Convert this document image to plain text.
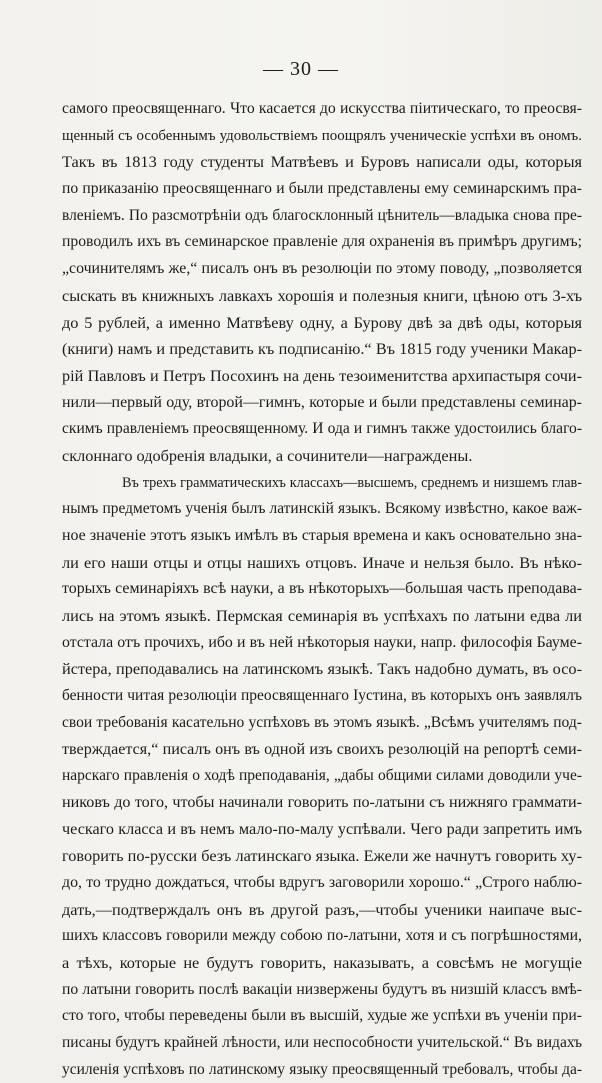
— 30 —
самого преосвященнаго. Что касается до искусства пiитическаго, то преосвя-
щенный съ особеннымъ удовольствiемъ поощрялъ ученическiе успѣхи въ ономъ.
Такъ въ 1813 году студенты Матвѣевъ и Буровъ написали оды, которыя
по приказанiю преосвященнаго и были представлены ему семинарскимъ пра-
вленiемъ. По разсмотрѣнiи одъ благосклонный цѣнитель—владыка снова пре-
проводилъ ихъ въ семинарское правленiе для охраненiя въ примѣръ другимъ;
„сочинителямъ же,“ писалъ онъ въ резолюцiи по этому поводу, „позволяется
сыскать въ книжныхъ лавкахъ хорошiя и полезныя книги, цѣною отъ 3-хъ
до 5 рублей, а именно Матвѣеву одну, а Бурову двѣ за двѣ оды, которыя
(книги) намъ и представить къ подписанiю.“ Въ 1815 году ученики Макар-
рiй Павловъ и Петръ Посохинъ на день тезоименитства архипастыря сочи-
нили—первый оду, второй—гимнъ, которые и были представлены семинар-
скимъ правленiемъ преосвященному. И ода и гимнъ также удостоились благо-
склоннаго одобренiя владыки, а сочинители—награждены.
Въ трехъ грамматическихъ классахъ—высшемъ, среднемъ и низшемъ глав-
нымъ предметомъ ученiя былъ латинскiй языкъ. Всякому извѣстно, какое важ-
ное значенiе этотъ языкъ имѣлъ въ старыя времена и какъ основательно зна-
ли его наши отцы и отцы нашихъ отцовъ. Иначе и нельзя было. Въ нѣко-
торыхъ семинарiяхъ всѣ науки, а въ нѣкоторыхъ—большая часть преподава-
лись на этомъ языкѣ. Пермская семинарiя въ успѣхахъ по латыни едва ли
отстала отъ прочихъ, ибо и въ ней нѣкоторыя науки, напр. философiя Бауме-
йстера, преподавались на латинскомъ языкѣ. Такъ надобно думать, въ осо-
бенности читая резолюцiи преосвященнаго Iустина, въ которыхъ онъ заявлялъ
свои требованiя касательно успѣховъ въ этомъ языкѣ. „Всѣмъ учителямъ под-
тверждается,“ писалъ онъ въ одной изъ своихъ резолюцiй на репортѣ семи-
нарскаго правленiя о ходѣ преподаванiя, „дабы общими силами доводили уче-
никовъ до того, чтобы начинали говорить по-латыни съ нижняго граммати-
ческаго класса и въ немъ мало-по-малу успѣвали. Чего ради запретить имъ
говорить по-русски безъ латинскаго языка. Ежели же начнутъ говорить ху-
до, то трудно дождаться, чтобы вдругъ заговорили хорошо.“ „Строго наблю-
дать,—подтверждалъ онъ въ другой разъ,—чтобы ученики наипаче выс-
шихъ классовъ говорили между собою по-латыни, хотя и съ погрѣшностями,
а тѣхъ, которые не будутъ говорить, наказывать, а совсѣмъ не могущiе
по латыни говорить послѣ вакацiи низвержены будутъ въ низшiй классъ вмѣ-
сто того, чтобы переведены были въ высшiй, худые же успѣхи въ ученiи при-
писаны будутъ крайней лѣности, или неспособности учительской.“ Въ видахъ
усиленiя успѣховъ по латинскому языку преосвященный требовалъ, чтобы да-
